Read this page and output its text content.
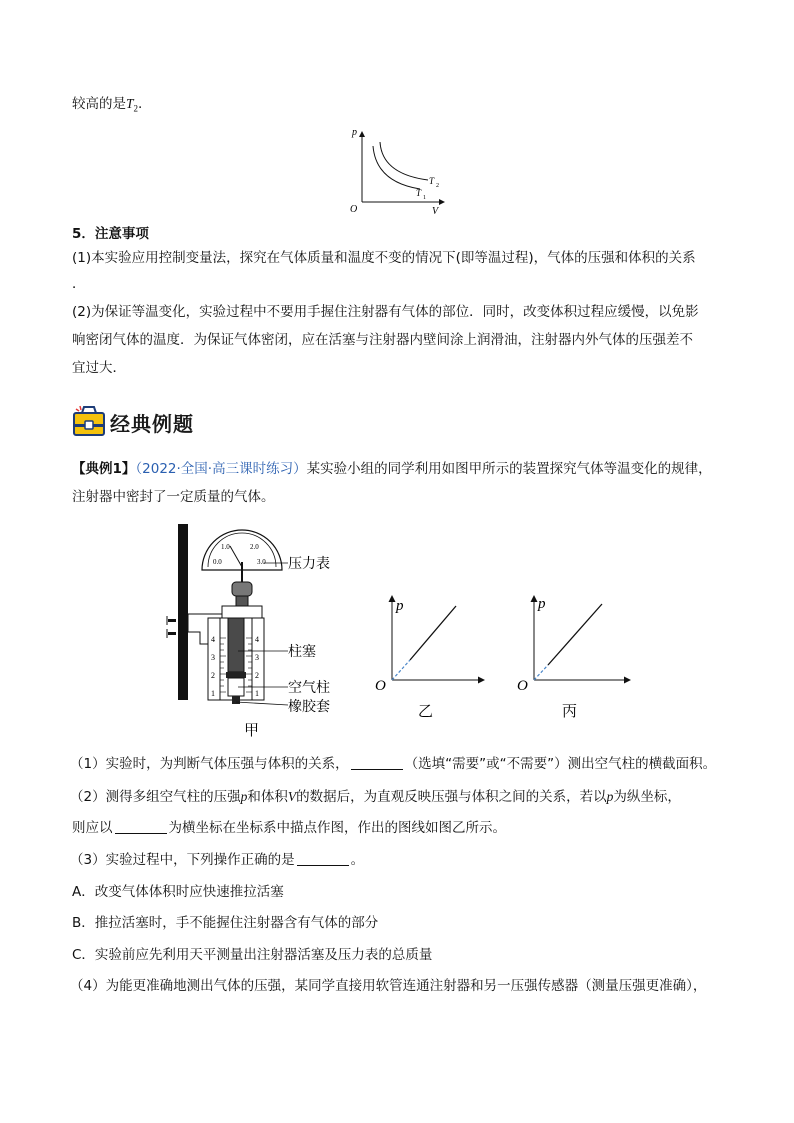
较高的是$T_2$.
p
O	V
T 2
T 1
5．注意事项
(1)本实验应用控制变量法，探究在气体质量和温度不变的情况下(即等温过程)，气体的压强和体积的关系
．
(2)为保证等温变化，实验过程中不要用手握住注射器有气体的部位．同时，改变体积过程应缓慢，以免影
响密闭气体的温度．为保证气体密闭，应在活塞与注射器内壁间涂上润滑油，注射器内外气体的压强差不
宜过大．
经典例题
【典例1】（2022·全国·高三课时练习）某实验小组的同学利用如图甲所示的装置探究气体等温变化的规律，
注射器中密封了一定质量的气体。
1.0	2.0
0.0	3.0
4
3
2
1
4
3
2
1
压力表
柱塞
空气柱
橡胶套
甲
p
O
乙
p
O
丙
（1）实验时，为判断气体压强与体积的关系，	（选填“需要”或“不需要”）测出空气柱的横截面积。
（2）测得多组空气柱的压强p和体积V的数据后，为直观反映压强与体积之间的关系，若以p为纵坐标，
则应以	为横坐标在坐标系中描点作图，作出的图线如图乙所示。
（3）实验过程中，下列操作正确的是	。
A．改变气体体积时应快速推拉活塞
B．推拉活塞时，手不能握住注射器含有气体的部分
C．实验前应先利用天平测量出注射器活塞及压力表的总质量
（4）为能更准确地测出气体的压强，某同学直接用软管连通注射器和另一压强传感器（测量压强更准确），
